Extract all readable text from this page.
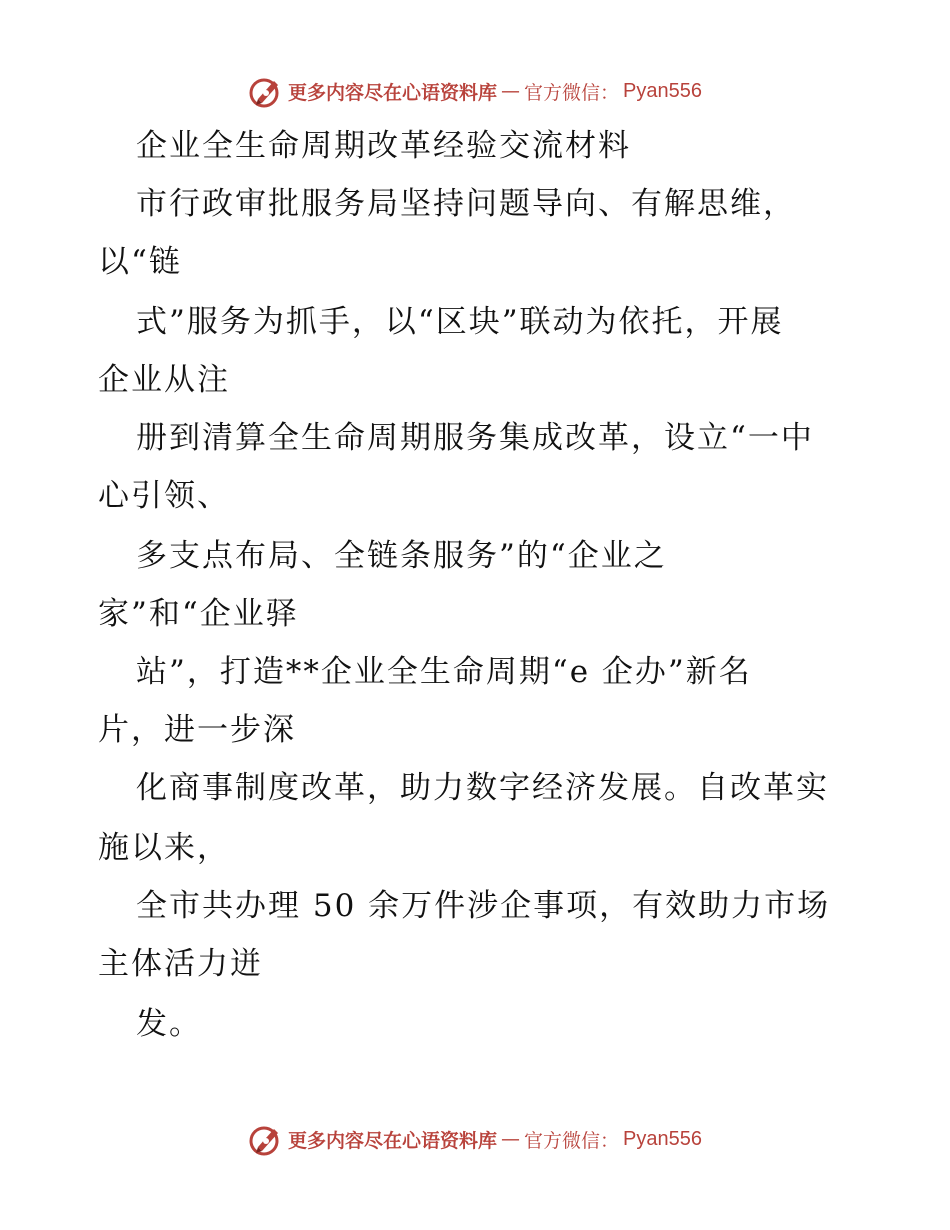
更多内容尽在心语资料库 — 官方微信： Pyan556
企业全生命周期改革经验交流材料
市行政审批服务局坚持问题导向、有解思维，
以“链
式”服务为抓手，以“区块”联动为依托，开展
企业从注
册到清算全生命周期服务集成改革，设立“一中
心引领、
多支点布局、全链条服务”的“企业之
家”和“企业驿
站”，打造**企业全生命周期“e 企办”新名
片，进一步深
化商事制度改革，助力数字经济发展。自改革实
施以来，
全市共办理 50 余万件涉企事项，有效助力市场
主体活力迸
发。
更多内容尽在心语资料库 — 官方微信： Pyan556
